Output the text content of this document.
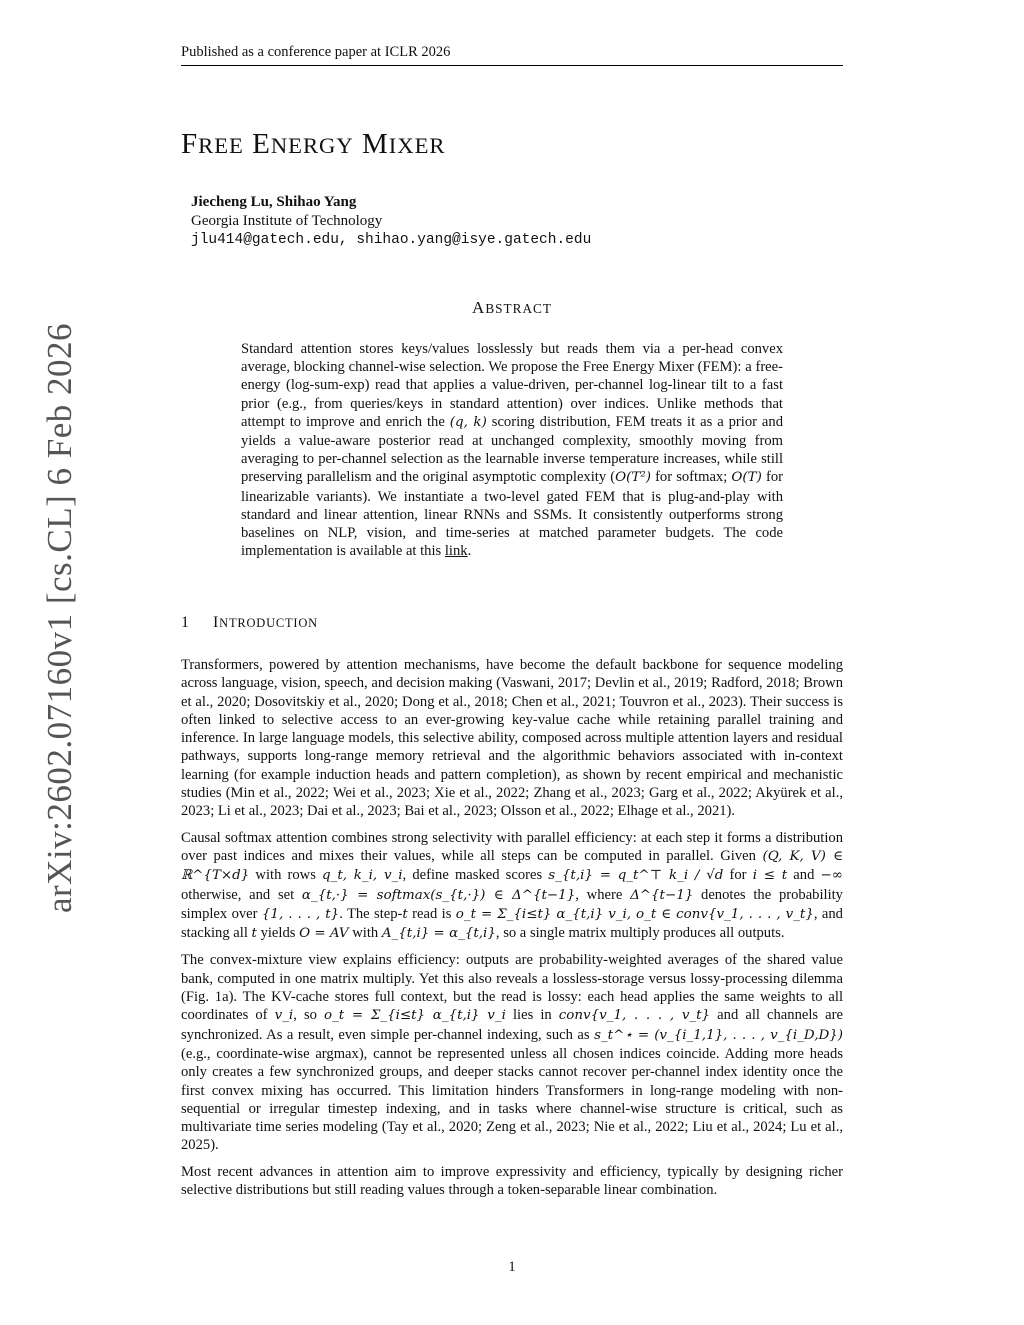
Published as a conference paper at ICLR 2026
arXiv:2602.07160v1 [cs.CL] 6 Feb 2026
FREE ENERGY MIXER
Jiecheng Lu, Shihao Yang
Georgia Institute of Technology
jlu414@gatech.edu, shihao.yang@isye.gatech.edu
ABSTRACT
Standard attention stores keys/values losslessly but reads them via a per-head convex average, blocking channel-wise selection. We propose the Free Energy Mixer (FEM): a free-energy (log-sum-exp) read that applies a value-driven, per-channel log-linear tilt to a fast prior (e.g., from queries/keys in standard attention) over indices. Unlike methods that attempt to improve and enrich the (q, k) scoring distribution, FEM treats it as a prior and yields a value-aware posterior read at unchanged complexity, smoothly moving from averaging to per-channel selection as the learnable inverse temperature increases, while still preserving parallelism and the original asymptotic complexity (O(T²) for softmax; O(T) for linearizable variants). We instantiate a two-level gated FEM that is plug-and-play with standard and linear attention, linear RNNs and SSMs. It consistently outperforms strong baselines on NLP, vision, and time-series at matched parameter budgets. The code implementation is available at this link.
1 INTRODUCTION

Transformers, powered by attention mechanisms, have become the default backbone for sequence modeling across language, vision, speech, and decision making (Vaswani, 2017; Devlin et al., 2019; Radford, 2018; Brown et al., 2020; Dosovitskiy et al., 2020; Dong et al., 2018; Chen et al., 2021; Touvron et al., 2023). Their success is often linked to selective access to an ever-growing key-value cache while retaining parallel training and inference. In large language models, this selective ability, composed across multiple attention layers and residual pathways, supports long-range memory retrieval and the algorithmic behaviors associated with in-context learning (for example induction heads and pattern completion), as shown by recent empirical and mechanistic studies (Min et al., 2022; Wei et al., 2023; Xie et al., 2022; Zhang et al., 2023; Garg et al., 2022; Akyürek et al., 2023; Li et al., 2023; Dai et al., 2023; Bai et al., 2023; Olsson et al., 2022; Elhage et al., 2021).

Causal softmax attention combines strong selectivity with parallel efficiency: at each step it forms a distribution over past indices and mixes their values, while all steps can be computed in parallel. Given (Q, K, V) ∈ ℝ^{T×d} with rows q_t, k_i, v_i, define masked scores s_{t,i} = q_t^⊤ k_i / √d for i ≤ t and −∞ otherwise, and set α_{t,·} = softmax(s_{t,·}) ∈ Δ^{t−1}, where Δ^{t−1} denotes the probability simplex over {1, . . . , t}. The step-t read is o_t = Σ_{i≤t} α_{t,i} v_i, o_t ∈ conv{v_1, . . . , v_t}, and stacking all t yields O = AV with A_{t,i} = α_{t,i}, so a single matrix multiply produces all outputs.

The convex-mixture view explains efficiency: outputs are probability-weighted averages of the shared value bank, computed in one matrix multiply. Yet this also reveals a lossless-storage versus lossy-processing dilemma (Fig. 1a). The KV-cache stores full context, but the read is lossy: each head applies the same weights to all coordinates of v_i, so o_t = Σ_{i≤t} α_{t,i} v_i lies in conv{v_1, . . . , v_t} and all channels are synchronized. As a result, even simple per-channel indexing, such as s_t^⋆ = (v_{i_1,1}, . . . , v_{i_D,D}) (e.g., coordinate-wise argmax), cannot be represented unless all chosen indices coincide. Adding more heads only creates a few synchronized groups, and deeper stacks cannot recover per-channel index identity once the first convex mixing has occurred. This limitation hinders Transformers in long-range modeling with non-sequential or irregular timestep indexing, and in tasks where channel-wise structure is critical, such as multivariate time series modeling (Tay et al., 2020; Zeng et al., 2023; Nie et al., 2022; Liu et al., 2024; Lu et al., 2025).

Most recent advances in attention aim to improve expressivity and efficiency, typically by designing richer selective distributions but still reading values through a token-separable linear combination.

1
